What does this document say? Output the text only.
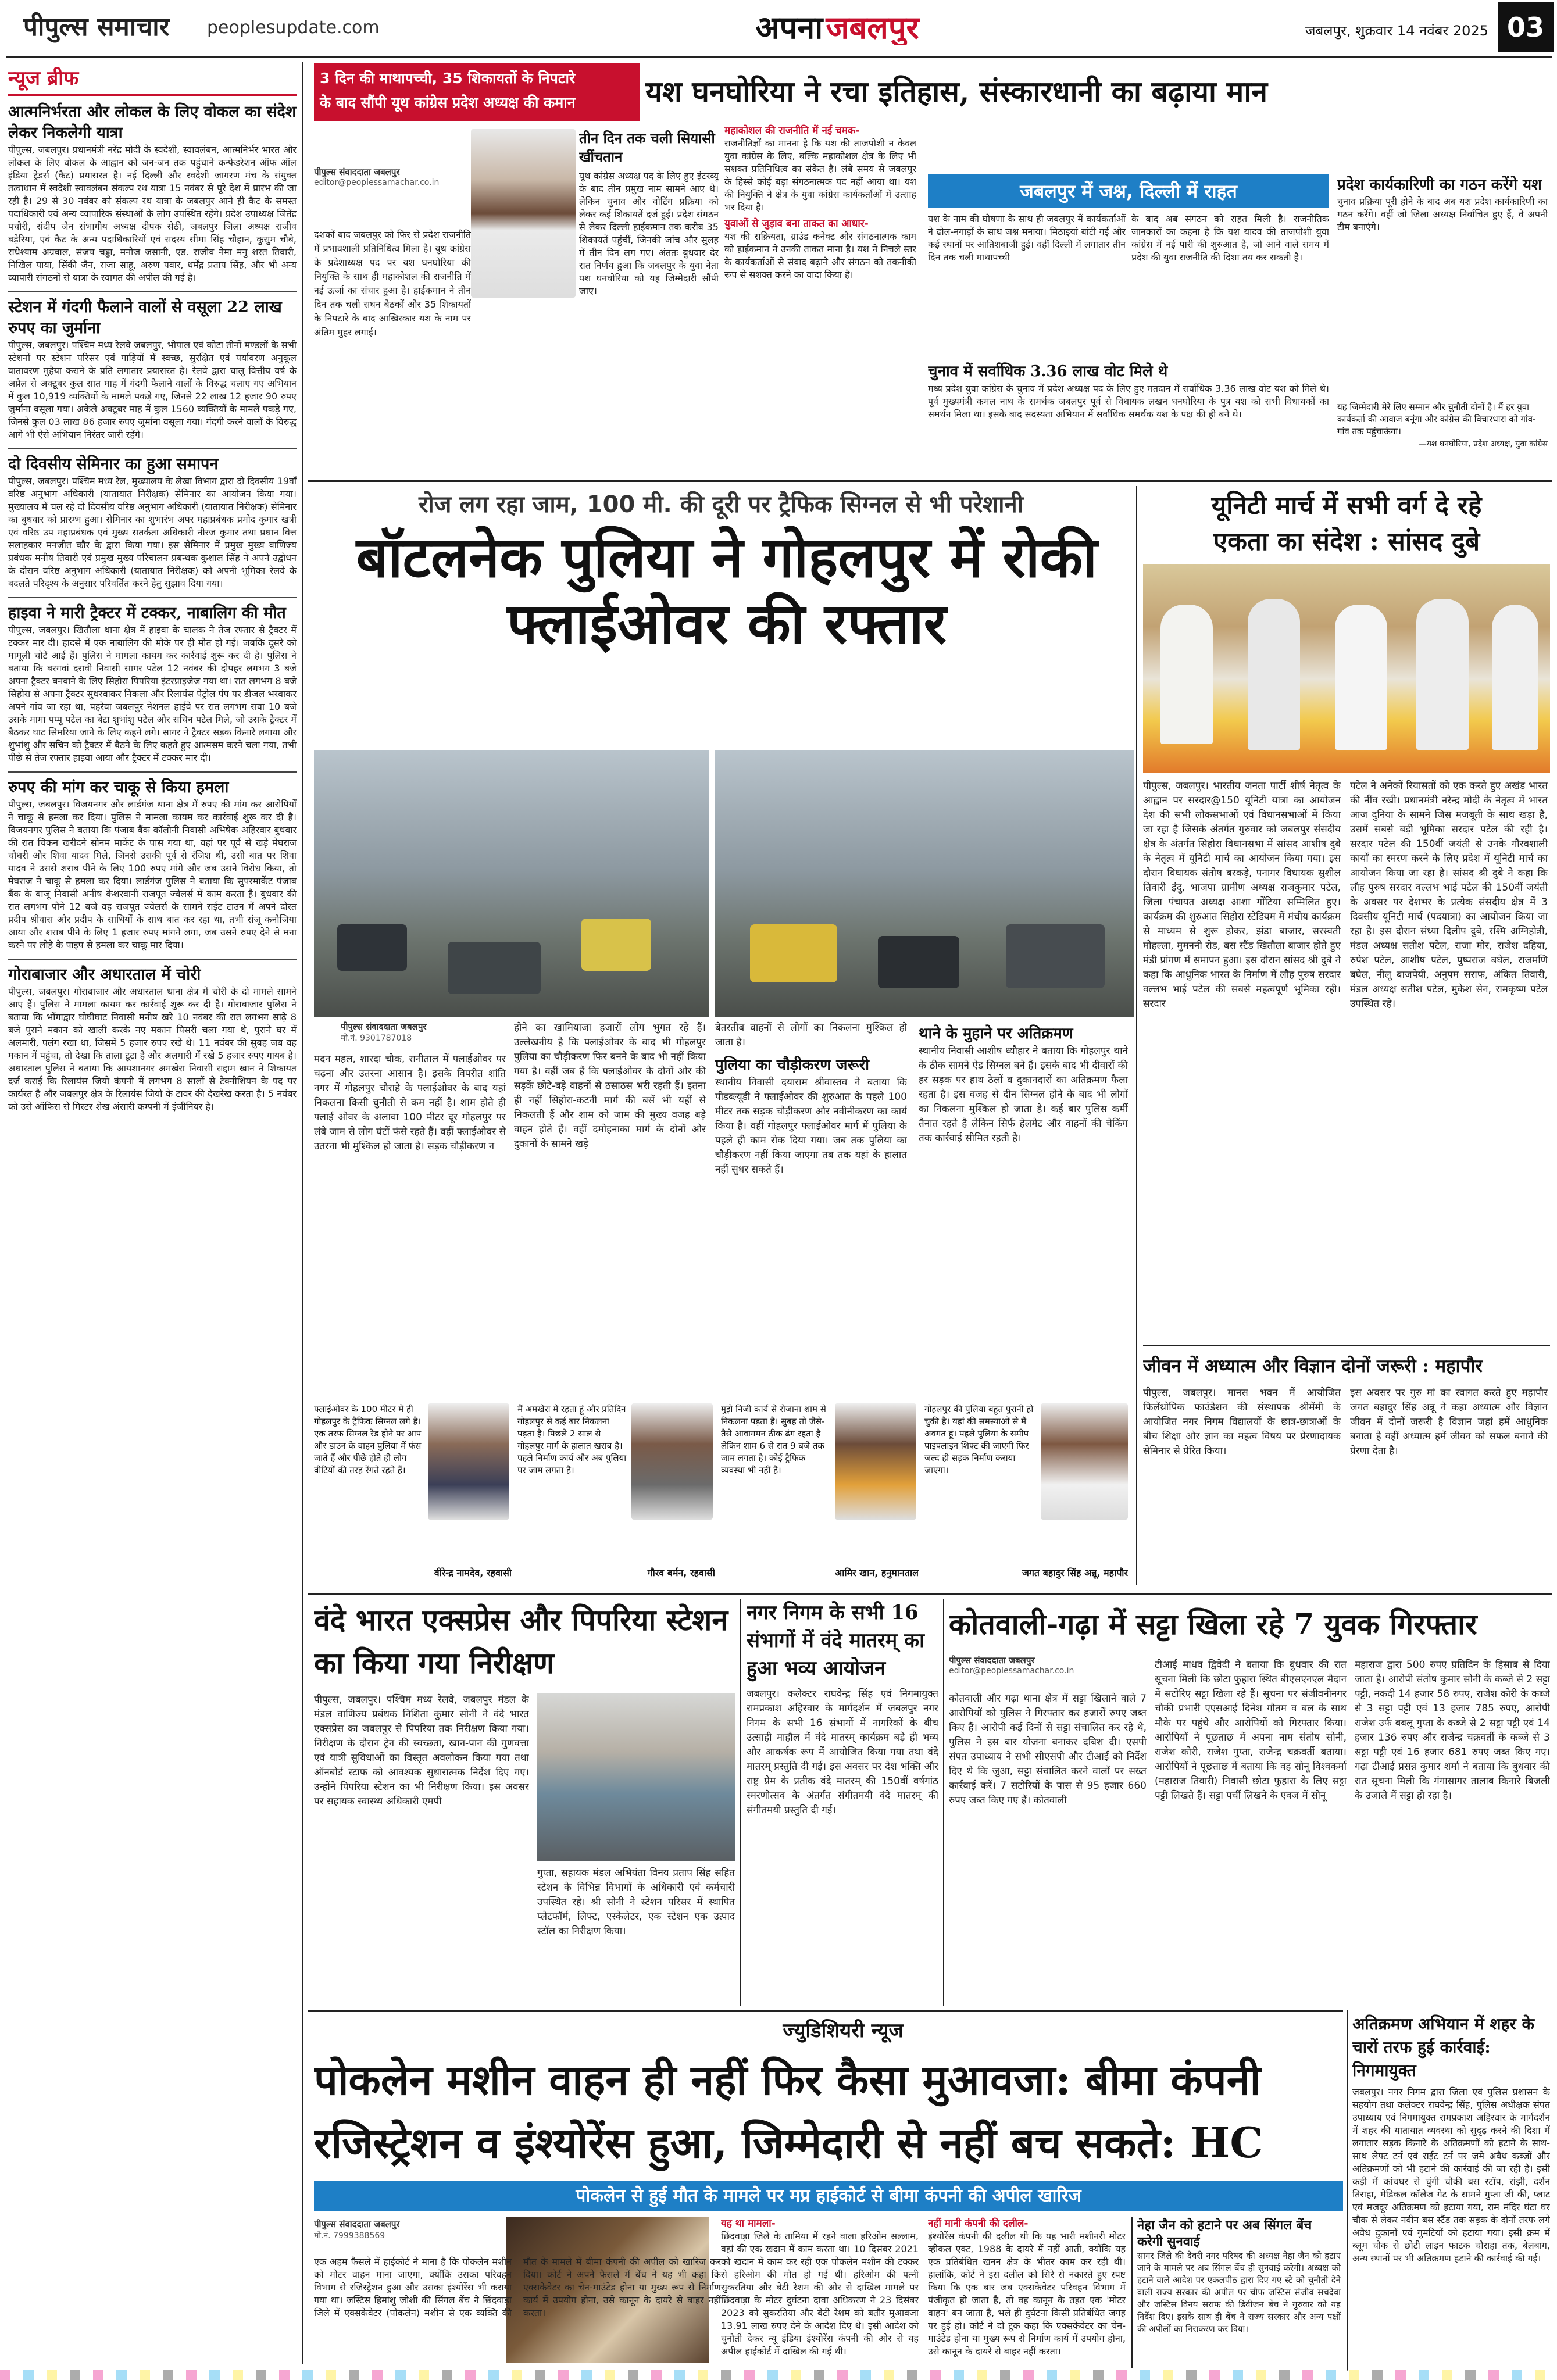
पीपुल्स समाचार	peoplesupdate.com	अपना जबलपुर	जबलपुर, शुक्रवार 14 नवंबर 2025 03
न्यूज ब्रीफ
आत्मनिर्भरता और लोकल के लिए वोकल का संदेश लेकर निकलेगी यात्रा
पीपुल्स, जबलपुर। प्रधानमंत्री नरेंद्र मोदी के स्वदेशी, स्वावलंबन, आत्मनिर्भर भारत और लोकल के लिए वोकल के आह्वान को जन-जन तक पहुंचाने कन्फेडरेशन ऑफ ऑल इंडिया ट्रेडर्स (कैट) प्रयासरत है। नई दिल्ली और स्वदेशी जागरण मंच के संयुक्त तत्वाधान में स्वदेशी स्वावलंबन संकल्प रथ यात्रा 15 नवंबर से पूरे देश में प्रारंभ की जा रही है। 29 से 30 नवंबर को संकल्प रथ यात्रा के जबलपुर आने ही कैट के समस्त पदाधिकारी एवं अन्य व्यापारिक संस्थाओं के लोग उपस्थित रहेंगे। प्रदेश उपाध्यक्ष जितेंद्र पचौरी, संदीप जैन संभागीय अध्यक्ष दीपक सेठी, जबलपुर जिला अध्यक्ष राजीव बड़ेरिया, एवं कैट के अन्य पदाधिकारियों एवं सदस्य सीमा सिंह चौहान, कुसुम चौबे, राधेश्याम अग्रवाल, संजय चड्ढा, मनोज जसानी, एड. राजीव नेमा मनु शरत तिवारी, निखिल पाया, सिंकी जैन, राजा साहू, अरुण पवार, धर्मेंद्र प्रताप सिंह, और भी अन्य व्यापारी संगठनों से यात्रा के स्वागत की अपील की गई है।
स्टेशन में गंदगी फैलाने वालों से वसूला 22 लाख रुपए का जुर्माना
पीपुल्स, जबलपुर। पश्चिम मध्य रेलवे जबलपुर, भोपाल एवं कोटा तीनों मण्डलों के सभी स्टेशनों पर स्टेशन परिसर एवं गाड़ियों में स्वच्छ, सुरक्षित एवं पर्यावरण अनुकूल वातावरण मुहैया कराने के प्रति लगातार प्रयासरत है। रेलवे द्वारा चालू वित्तीय वर्ष के अप्रैल से अक्टूबर कुल सात माह में गंदगी फैलाने वालों के विरुद्ध चलाए गए अभियान में कुल 10,919 व्यक्तियों के मामले पकड़े गए, जिनसे 22 लाख 12 हजार 90 रुपए जुर्माना वसूला गया। अकेले अक्टूबर माह में कुल 1560 व्यक्तियों के मामले पकड़े गए, जिनसे कुल 03 लाख 86 हजार रुपए जुर्माना वसूला गया। गंदगी करने वालों के विरुद्ध आगे भी ऐसे अभियान निरंतर जारी रहेंगे।
दो दिवसीय सेमिनार का हुआ समापन
पीपुल्स, जबलपुर। पश्चिम मध्य रेल, मुख्यालय के लेखा विभाग द्वारा दो दिवसीय 19वाँ वरिष्ठ अनुभाग अधिकारी (यातायात निरीक्षक) सेमिनार का आयोजन किया गया। मुख्यालय में चल रहे दो दिवसीय वरिष्ठ अनुभाग अधिकारी (यातायात निरीक्षक) सेमिनार का बुधवार को प्रारम्भ हुआ। सेमिनार का शुभारंभ अपर महाप्रबंधक प्रमोद कुमार खत्री एवं वरिष्ठ उप महाप्रबंधक एवं मुख्य सतर्कता अधिकारी नीरज कुमार तथा प्रधान वित्त सलाहकार मनजीत कौर के द्वारा किया गया। इस सेमिनार में प्रमुख मुख्य वाणिज्य प्रबंधक मनीष तिवारी एवं प्रमुख मुख्य परिचालन प्रबन्धक कुशाल सिंह ने अपने उद्बोधन के दौरान वरिष्ठ अनुभाग अधिकारी (यातायात निरीक्षक) को अपनी भूमिका रेलवे के बदलते परिदृश्य के अनुसार परिवर्तित करने हेतु सुझाव दिया गया।
हाइवा ने मारी ट्रैक्टर में टक्कर, नाबालिग की मौत
पीपुल्स, जबलपुर। खितौला थाना क्षेत्र में हाइवा के चालक ने तेज रफ्तार से ट्रैक्टर में टक्कर मार दी। हादसे में एक नाबालिग की मौके पर ही मौत हो गई। जबकि दूसरे को मामूली चोटें आई हैं। पुलिस ने मामला कायम कर कार्रवाई शुरू कर दी है। पुलिस ने बताया कि बरगवां दरावी निवासी सागर पटेल 12 नवंबर की दोपहर लगभग 3 बजे अपना ट्रैक्टर बनवाने के लिए सिहोरा पिपरिया इंटरप्राइजेज गया था। रात लगभग 8 बजे सिहोरा से अपना ट्रैक्टर सुधरवाकर निकला और रिलायंस पेट्रोल पंप पर डीजल भरवाकर अपने गांव जा रहा था, पहरेवा जबलपुर नेशनल हाईवे पर रात लगभग सवा 10 बजे उसके मामा पप्पू पटेल का बेटा शुभांशु पटेल और सचिन पटेल मिले, जो उसके ट्रैक्टर में बैठकर घाट सिमरिया जाने के लिए कहने लगे। सागर ने ट्रैक्टर सड़क किनारे लगाया और शुभांशु और सचिन को ट्रैक्टर में बैठने के लिए कहते हुए आत्मसम करने चला गया, तभी पीछे से तेज रफ्तार हाइवा आया और ट्रैक्टर में टक्कर मार दी।
रुपए की मांग कर चाकू से किया हमला
पीपुल्स, जबलपुर। विजयनगर और लार्डगंज थाना क्षेत्र में रुपए की मांग कर आरोपियों ने चाकू से हमला कर दिया। पुलिस ने मामला कायम कर कार्रवाई शुरू कर दी है। विजयनगर पुलिस ने बताया कि पंजाब बैंक कॉलोनी निवासी अभिषेक अहिरवार बुधवार की रात चिकन खरीदने सोनम मार्केट के पास गया था, वहां पर पूर्व से खड़े मेघराज चौधरी और शिवा यादव मिले, जिनसे उसकी पूर्व से रंजिश थी, उसी बात पर शिवा यादव ने उससे शराब पीने के लिए 100 रुपए मांगे और जब उसने विरोध किया, तो मेघराज ने चाकू से हमला कर दिया। लार्डगंज पुलिस ने बताया कि सुपरमार्केट पंजाब बैंक के बाजू निवासी अनीष केशरवानी राजपूत ज्वेलर्स में काम करता है। बुधवार की रात लगभग पौने 12 बजे वह राजपूत ज्वेलर्स के सामने राईट टाउन में अपने दोस्त प्रदीप श्रीवास और प्रदीप के साथियों के साथ बात कर रहा था, तभी संजू कनौजिया आया और शराब पीने के लिए 1 हजार रुपए मांगने लगा, जब उसने रुपए देने से मना करने पर लोहे के पाइप से हमला कर चाकू मार दिया।
गोराबाजार और अधारताल में चोरी
पीपुल्स, जबलपुर। गोराबाजार और अधारताल थाना क्षेत्र में चोरी के दो मामले सामने आए हैं। पुलिस ने मामला कायम कर कार्रवाई शुरू कर दी है। गोराबाजार पुलिस ने बताया कि भोंगाद्वार घोघीघाट निवासी मनीष खरे 10 नवंबर की रात लगभग साढ़े 8 बजे पुराने मकान को खाली करके नए मकान पिसरी चला गया थे, पुराने घर में अलमारी, पलंग रखा था, जिसमें 5 हजार रुपए रखे थे। 11 नवंबर की सुबह जब वह मकान में पहुंचा, तो देखा कि ताला टूटा है और अलमारी में रखे 5 हजार रुपए गायब है। अधारताल पुलिस ने बताया कि आयशानगर अमखेरा निवासी सद्दाम खान ने शिकायत दर्ज कराई कि रिलायंस जियो कंपनी में लगभग 8 सालों से टेक्नीशियन के पद पर कार्यरत है और जबलपुर क्षेत्र के रिलायंस जियो के टावर की देखरेख करता है। 5 नवंबर को उसे ऑफिस से मिस्टर शेख अंसारी कम्पनी में इंजीनियर है।
3 दिन की माथापच्ची, 35 शिकायतों के निपटारे
के बाद सौंपी यूथ कांग्रेस प्रदेश अध्यक्ष की कमान	यश घनघोरिया ने रचा इतिहास, संस्कारधानी का बढ़ाया मान
पीपुल्स संवाददाता जबलपुर
editor@peoplessamachar.co.in
दशकों बाद जबलपुर को फिर से प्रदेश राजनीति में प्रभावशाली प्रतिनिधित्व मिला है। यूथ कांग्रेस के प्रदेशाध्यक्ष पद पर यश घनघोरिया की नियुक्ति के साथ ही महाकोशल की राजनीति में नई ऊर्जा का संचार हुआ है। हाईकमान ने तीन दिन तक चली सघन बैठकों और 35 शिकायतों के निपटारे के बाद आखिरकार यश के नाम पर अंतिम मुहर लगाई।
तीन दिन तक चली सियासी खींचतान
यूथ कांग्रेस अध्यक्ष पद के लिए हुए इंटरव्यू के बाद तीन प्रमुख नाम सामने आए थे। लेकिन चुनाव और वोटिंग प्रक्रिया को लेकर कई शिकायतें दर्ज हुईं। प्रदेश संगठन से लेकर दिल्ली हाईकमान तक करीब 35 शिकायतें पहुंचीं, जिनकी जांच और सुलह में तीन दिन लग गए। अंततः बुधवार देर रात निर्णय हुआ कि जबलपुर के युवा नेता यश घनघोरिया को यह जिम्मेदारी सौंपी जाए।
महाकोशल की राजनीति में नई चमक-
राजनीतिज्ञों का मानना है कि यश की ताजपोशी न केवल युवा कांग्रेस के लिए, बल्कि महाकोशल क्षेत्र के लिए भी सशक्त प्रतिनिधित्व का संकेत है। लंबे समय से जबलपुर के हिस्से कोई बड़ा संगठनात्मक पद नहीं आया था। यश की नियुक्ति ने क्षेत्र के युवा कांग्रेस कार्यकर्ताओं में उत्साह भर दिया है।
युवाओं से जुड़ाव बना ताकत का आधार-
यश की सक्रियता, ग्राउंड कनेक्ट और संगठनात्मक काम को हाईकमान ने उनकी ताकत माना है। यश ने निचले स्तर के कार्यकर्ताओं से संवाद बढ़ाने और संगठन को तकनीकी रूप से सशक्त करने का वादा किया है।
जबलपुर में जश्न, दिल्ली में राहत
यश के नाम की घोषणा के साथ ही जबलपुर में कार्यकर्ताओं ने ढोल-नगाड़ों के साथ जश्न मनाया। मिठाइयां बांटी गईं और कई स्थानों पर आतिशबाजी हुई। वहीं दिल्ली में लगातार तीन दिन तक चली माथापच्ची
के बाद अब संगठन को राहत मिली है। राजनीतिक जानकारों का कहना है कि यश यादव की ताजपोशी युवा कांग्रेस में नई पारी की शुरुआत है, जो आने वाले समय में प्रदेश की युवा राजनीति की दिशा तय कर सकती है।
चुनाव में सर्वाधिक 3.36 लाख वोट मिले थे
मध्य प्रदेश युवा कांग्रेस के चुनाव में प्रदेश अध्यक्ष पद के लिए हुए मतदान में सर्वाधिक 3.36 लाख वोट यश को मिले थे। पूर्व मुख्यमंत्री कमल नाथ के समर्थक जबलपुर पूर्व से विधायक लखन घनघोरिया के पुत्र यश को सभी विधायकों का समर्थन मिला था। इसके बाद सदस्यता अभियान में सर्वाधिक समर्थक यश के पक्ष की ही बने थे।
प्रदेश कार्यकारिणी का गठन करेंगे यश
चुनाव प्रक्रिया पूरी होने के बाद अब यश प्रदेश कार्यकारिणी का गठन करेंगे। वहीं जो जिला अध्यक्ष निर्वाचित हुए हैं, वे अपनी टीम बनाएंगे।
यह जिम्मेदारी मेरे लिए सम्मान और चुनौती दोनों है। मैं हर युवा कार्यकर्ता की आवाज बनूंगा और कांग्रेस की विचारधारा को गांव-गांव तक पहुंचाऊंगा।
—यश घनघोरिया, प्रदेश अध्यक्ष, युवा कांग्रेस
रोज लग रहा जाम, 100 मी. की दूरी पर ट्रैफिक सिग्नल से भी परेशानी
बॉटलनेक पुलिया ने गोहलपुर में रोकी फ्लाईओवर की रफ्तार
पीपुल्स संवाददाता जबलपुर
मो.नं. 9301787018
मदन महल, शारदा चौक, रानीताल में फ्लाईओवर पर चढ़ना और उतरना आसान है। इसके विपरीत शांति नगर में गोहलपुर चौराहे के फ्लाईओवर के बाद यहां निकलना किसी चुनौती से कम नहीं है। शाम होते ही फ्लाई ओवर के अलावा 100 मीटर दूर गोहलपुर पर लंबे जाम से लोग घंटों फंसे रहते हैं। वहीं फ्लाईओवर से उतरना भी मुश्किल हो जाता है। सड़क चौड़ीकरण न
होने का खामियाजा हजारों लोग भुगत रहे हैं। उल्लेखनीय है कि फ्लाईओवर के बाद भी गोहलपुर पुलिया का चौड़ीकरण फिर बनने के बाद भी नहीं किया गया है। वहीं जब हैं कि फ्लाईओवर के दोनों ओर की सड़कें छोटे-बड़े वाहनों से ठसाठस भरी रहती हैं। इतना ही नहीं सिहोरा-कटनी मार्ग की बसें भी यहीं से निकलती हैं और शाम को जाम की मुख्य वजह बड़े वाहन होते हैं। वहीं दमोहनाका मार्ग के दोनों ओर दुकानों के सामने खड़े
बेतरतीब वाहनों से लोगों का निकलना मुश्किल हो जाता है।
पुलिया का चौड़ीकरण जरूरी
स्थानीय निवासी दयाराम श्रीवास्तव ने बताया कि पीडब्ल्यूडी ने फ्लाईओवर की शुरुआत के पहले 100 मीटर तक सड़क चौड़ीकरण और नवीनीकरण का कार्य किया है। वहीं गोहलपुर फ्लाईओवर मार्ग में पुलिया के पहले ही काम रोक दिया गया। जब तक पुलिया का चौड़ीकरण नहीं किया जाएगा तब तक यहां के हालात नहीं सुधर सकते हैं।
थाने के मुहाने पर अतिक्रमण
स्थानीय निवासी आशीष ध्यौहार ने बताया कि गोहलपुर थाने के ठीक सामने ऐड सिग्नल बने हैं। इसके बाद भी दीवारों की हर सड़क पर हाथ ठेलों व दुकानदारों का अतिक्रमण फैला रहता है। इस वजह से दीन सिग्नल होने के बाद भी लोगों का निकलना मुश्किल हो जाता है। कई बार पुलिस कर्मी तैनात रहते है लेकिन सिर्फ हेलमेट और वाहनों की चेकिंग तक कार्रवाई सीमित रहती है।
फ्लाईओवर के 100 मीटर में ही गोहलपुर के ट्रैफिक सिग्नल लगे है। एक तरफ सिग्नल रेड होने पर आप और डाउन के वाहन पुलिया में फंस जाते हैं और पीछे होते ही लोग वीटियों की तरह रेंगते रहते हैं।
वीरेन्द्र नामदेव, रहवासी
मैं अमखेरा में रहता हूं और प्रतिदिन गोहलपुर से कई बार निकलना पड़ता है। पिछले 2 साल से गोहलपुर मार्ग के हालात खराब है। पहले निर्माण कार्य और अब पुलिया पर जाम लगता है।
गौरव बर्मन, रहवासी
मुझे निजी कार्य से रोजाना शाम से निकलना पड़ता है। सुबह तो जैसे-तैसे आवागमन ठीक ढंग रहता है लेकिन शाम 6 से रात 9 बजे तक जाम लगता है। कोई ट्रैफिक व्यवस्था भी नहीं है।
आमिर खान, हनुमानताल
गोहलपुर की पुलिया बहुत पुरानी हो चुकी है। यहां की समस्याओं से मैं अवगत हूं। पहले पुलिया के समीप पाइपलाइन शिफ्ट की जाएगी फिर जल्द ही सड़क निर्माण कराया जाएगा।
जगत बहादुर सिंह अन्नू, महापौर
यूनिटी मार्च में सभी वर्ग दे रहे
एकता का संदेश : सांसद दुबे
पीपुल्स, जबलपुर। भारतीय जनता पार्टी शीर्ष नेतृत्व के आह्वान पर सरदार@150 यूनिटी यात्रा का आयोजन देश की सभी लोकसभाओं एवं विधानसभाओं में किया जा रहा है जिसके अंतर्गत गुरुवार को जबलपुर संसदीय क्षेत्र के अंतर्गत सिहोरा विधानसभा में सांसद आशीष दुबे के नेतृत्व में यूनिटी मार्च का आयोजन किया गया। इस दौरान विधायक संतोष बरकड़े, पनागर विधायक सुशील तिवारी इंदु, भाजपा ग्रामीण अध्यक्ष राजकुमार पटेल, जिला पंचायत अध्यक्ष आशा गोंटिया सम्मिलित हुए। कार्यक्रम की शुरुआत सिहोरा स्टेडियम में मंचीय कार्यक्रम से माध्यम से शुरू होकर, झंडा बाजार, सरस्वती मोहल्ला, मुमननी रोड, बस स्टैंड खितौला बाजार होते हुए मंडी प्रांगण में समापन हुआ। इस दौरान सांसद श्री दुबे ने कहा कि आधुनिक भारत के निर्माण में लौह पुरुष सरदार वल्लभ भाई पटेल की सबसे महत्वपूर्ण भूमिका रही। सरदार
पटेल ने अनेकों रियासतों को एक करते हुए अखंड भारत की नींव रखी। प्रधानमंत्री नरेन्द्र मोदी के नेतृत्व में भारत आज दुनिया के सामने जिस मजबूती के साथ खड़ा है, उसमें सबसे बड़ी भूमिका सरदार पटेल की रही है। सरदार पटेल की 150वीं जयंती से उनके गौरवशाली कार्यों का स्मरण करने के लिए प्रदेश में यूनिटी मार्च का आयोजन किया जा रहा है। सांसद श्री दुबे ने कहा कि लौह पुरुष सरदार वल्लभ भाई पटेल की 150वीं जयंती के अवसर पर देशभर के प्रत्येक संसदीय क्षेत्र में 3 दिवसीय यूनिटी मार्च (पदयात्रा) का आयोजन किया जा रहा है। इस दौरान संध्या दिलीप दुबे, रश्मि अग्निहोत्री, मंडल अध्यक्ष सतीश पटेल, राजा मोर, राजेश दहिया, रुपेश पटेल, आशीष पटेल, पुष्पराज बघेल, राजमणि बघेल, नीलू बाजपेयी, अनुपम सराफ, अंकित तिवारी, मंडल अध्यक्ष सतीश पटेल, मुकेश सेन, रामकृष्ण पटेल उपस्थित रहे।
जीवन में अध्यात्म और विज्ञान दोनों जरूरी : महापौर
पीपुल्स, जबलपुर। मानस भवन में आयोजित फिलेंथ्रोपिक फाउंडेशन की संस्थापक श्रीमेंमी के आयोजित नगर निगम विद्यालयों के छात्र-छात्राओं के बीच शिक्षा और ज्ञान का महत्व विषय पर प्रेरणादायक सेमिनार से प्रेरित किया।
इस अवसर पर गुरु मां का स्वागत करते हुए महापौर जगत बहादुर सिंह अन्नू ने कहा अध्यात्म और विज्ञान जीवन में दोनों जरूरी है विज्ञान जहां हमें आधुनिक बनाता है वहीं अध्यात्म हमें जीवन को सफल बनाने की प्रेरणा देता है।
वंदे भारत एक्सप्रेस और पिपरिया स्टेशन का किया गया निरीक्षण
पीपुल्स, जबलपुर। पश्चिम मध्य रेलवे, जबलपुर मंडल के मंडल वाणिज्य प्रबंधक निशिता कुमार सोनी ने वंदे भारत एक्सप्रेस का जबलपुर से पिपरिया तक निरीक्षण किया गया। निरीक्षण के दौरान ट्रेन की स्वच्छता, खान-पान की गुणवत्ता एवं यात्री सुविधाओं का विस्तृत अवलोकन किया गया तथा ऑनबोर्ड स्टाफ को आवश्यक सुधारात्मक निर्देश दिए गए। उन्होंने पिपरिया स्टेशन का भी निरीक्षण किया। इस अवसर पर सहायक स्वास्थ्य अधिकारी एमपी
गुप्ता, सहायक मंडल अभियंता विनय प्रताप सिंह सहित स्टेशन के विभिन्न विभागों के अधिकारी एवं कर्मचारी उपस्थित रहे। श्री सोनी ने स्टेशन परिसर में स्थापित प्लेटफॉर्म, लिफ्ट, एस्केलेटर, एक स्टेशन एक उत्पाद स्टॉल का निरीक्षण किया।
नगर निगम के सभी 16 संभागों में वंदे मातरम् का हुआ भव्य आयोजन
जबलपुर। कलेक्टर राघवेन्द्र सिंह एवं निगमायुक्त रामप्रकाश अहिरवार के मार्गदर्शन में जबलपुर नगर निगम के सभी 16 संभागों में नागरिकों के बीच उत्साही माहौल में वंदे मातरम् कार्यक्रम बड़े ही भव्य और आकर्षक रूप में आयोजित किया गया तथा वंदे मातरम् प्रस्तुति दी गई। इस अवसर पर देश भक्ति और राष्ट्र प्रेम के प्रतीक वंदे मातरम् की 150वीं वर्षगांठ स्मरणोत्सव के अंतर्गत संगीतमयी वंदे मातरम् की संगीतमयी प्रस्तुति दी गई।
कोतवाली-गढ़ा में सट्टा खिला रहे 7 युवक गिरफ्तार
पीपुल्स संवाददाता जबलपुर
editor@peoplessamachar.co.in
कोतवाली और गढ़ा थाना क्षेत्र में सट्टा खिलाने वाले 7 आरोपियों को पुलिस ने गिरफ्तार कर हजारों रुपए जब्त किए हैं। आरोपी कई दिनों से सट्टा संचालित कर रहे थे, पुलिस ने इस बार योजना बनाकर दबिश दी। एसपी संपत उपाध्याय ने सभी सीएसपी और टीआई को निर्देश दिए थे कि जुआ, सट्टा संचालित करने वालों पर सख्त कार्रवाई करें। 7 सटोरियों के पास से 95 हजार 660 रुपए जब्त किए गए हैं। कोतवाली
टीआई माधव द्विवेदी ने बताया कि बुधवार की रात सूचना मिली कि छोटा फुहारा स्थित बीएसएनएल मैदान में सटोरिए सट्टा खिला रहे हैं। सूचना पर संजीवनीनगर चौकी प्रभारी एएसआई दिनेश गौतम व बल के साथ मौके पर पहुंचे और आरोपियों को गिरफ्तार किया। आरोपियों ने पूछताछ में अपना नाम संतोष सोनी, राजेश कोरी, राजेश गुप्ता, राजेन्द्र चक्रवर्ती बताया। आरोपियों ने पूछताछ में बताया कि वह सोनू विश्वकर्मा (महाराज तिवारी) निवासी छोटा फुहारा के लिए सट्टा पट्टी लिखते हैं। सट्टा पर्ची लिखने के एवज में सोनू
महाराज द्वारा 500 रुपए प्रतिदिन के हिसाब से दिया जाता है। आरोपी संतोष कुमार सोनी के कब्जे से 2 सट्टा पट्टी, नकदी 14 हजार 58 रुपए, राजेश कोरी के कब्जे से 3 सट्टा पट्टी एवं 13 हजार 785 रुपए, आरोपी राजेश उर्फ बबलू गुप्ता के कब्जे से 2 सट्टा पट्टी एवं 14 हजार 136 रुपए और राजेन्द्र चक्रवर्ती के कब्जे से 3 सट्टा पट्टी एवं 16 हजार 681 रुपए जब्त किए गए। गढ़ा टीआई प्रसन्न कुमार शर्मा ने बताया कि बुधवार की रात सूचना मिली कि गंगासागर तालाब किनारे बिजली के उजाले में सट्टा हो रहा है।
ज्युडिशियरी न्यूज
पोकलेन मशीन वाहन ही नहीं फिर कैसा मुआवजा: बीमा कंपनी रजिस्ट्रेशन व इंश्योरेंस हुआ, जिम्मेदारी से नहीं बच सकते: HC
पोकलेन से हुई मौत के मामले पर मप्र हाईकोर्ट से बीमा कंपनी की अपील खारिज
पीपुल्स संवाददाता जबलपुर
मो.नं. 7999388569
एक अहम फैसले में हाईकोर्ट ने माना है कि पोकलेन मशीन को मोटर वाहन माना जाएगा, क्योंकि उसका परिवहन विभाग से रजिस्ट्रेशन हुआ और उसका इंश्योरेंस भी कराया गया था। जस्टिस हिमांशु जोशी की सिंगल बेंच ने छिंदवाड़ा जिले में एक्सकेवेटर (पोकलेन) मशीन से एक व्यक्ति की मौत के मामले में बीमा कंपनी की अपील को खारिज कर दिया। कोर्ट ने अपने फैसले में बेंच ने यह भी कहा कि एक्सकेवेटर का चेन-माउंटेड होना या मुख्य रूप से निर्माण कार्य में उपयोग होना, उसे कानून के दायरे से बाहर नहीं करता।
यह था मामला-
छिंदवाड़ा जिले के तामिया में रहने वाला हरिओम सल्लाम, वहां की एक खदान में काम करता था। 10 दिसंबर 2021 को खदान में काम कर रही एक पोकलेन मशीन की टक्कर से हरिओम की मौत हो गई थी। हरिओम की पत्नी सुकरतिया और बेटी रेशम की ओर से दाखिल मामले पर छिंदवाड़ा के मोटर दुर्घटना दावा अधिकरण ने 23 दिसंबर 2023 को सुकरतिया और बेटी रेशम को बतौर मुआवजा 13.91 लाख रुपए देने के आदेश दिए थे। इसी आदेश को चुनौती देकर न्यू इंडिया इंश्योरेंस कंपनी की ओर से यह अपील हाईकोर्ट में दाखिल की गई थी।
नहीं मानी कंपनी की दलील-
इंश्योरेंस कंपनी की दलील थी कि यह भारी मशीनरी मोटर व्हीकल एक्ट, 1988 के दायरे में नहीं आती, क्योंकि यह एक प्रतिबंधित खनन क्षेत्र के भीतर काम कर रही थी। हालांकि, कोर्ट ने इस दलील को सिरे से नकारते हुए स्पष्ट किया कि एक बार जब एक्सकेवेटर परिवहन विभाग में पंजीकृत हो जाता है, तो वह कानून के तहत एक 'मोटर वाहन' बन जाता है, भले ही दुर्घटना किसी प्रतिबंधित जगह पर हुई हो। कोर्ट ने दो टूक कहा कि एक्सकेवेटर का चेन-माउंटेड होना या मुख्य रूप से निर्माण कार्य में उपयोग होना, उसे कानून के दायरे से बाहर नहीं करता।
नेहा जैन को हटाने पर अब सिंगल बेंच करेगी सुनवाई
सागर जिले की देवरी नगर परिषद की अध्यक्ष नेहा जैन को हटाए जाने के मामले पर अब सिंगल बेंच ही सुनवाई करेगी। अध्यक्ष को हटाने वाले आदेश पर एकलपीठ द्वारा दिए गए स्टे को चुनौती देने वाली राज्य सरकार की अपील पर चीफ जस्टिस संजीव सचदेवा और जस्टिस विनय सराफ की डिवीजन बेंच ने गुरुवार को यह निर्देश दिए। इसके साथ ही बेंच ने राज्य सरकार और अन्य पक्षों की अपीलों का निराकरण कर दिया।
अतिक्रमण अभियान में शहर के चारों तरफ हुई कार्रवाई: निगमायुक्त
जबलपुर। नगर निगम द्वारा जिला एवं पुलिस प्रशासन के सहयोग तथा कलेक्टर राघवेन्द्र सिंह, पुलिस अधीक्षक संपत उपाध्याय एवं निगमायुक्त रामप्रकाश अहिरवार के मार्गदर्शन में शहर की यातायात व्यवस्था को सुदृढ़ करने की दिशा में लगातार सड़क किनारे के अतिक्रमणों को हटाने के साथ-साथ लेफ्ट टर्न एवं राईट टर्न पर जमे अवैध कब्जों और अतिक्रमणों को भी हटाने की कार्रवाई की जा रही है। इसी कड़ी में कांचघर से चुंगी चौकी बस स्टॉप, रांझी, दर्शन तिराहा, मेडिकल कॉलेज गेट के सामने गुप्ता जी की, प्लाट एवं मजदूर अतिक्रमण को हटाया गया, राम मंदिर घंटा घर चौक से लेकर नवीन बस स्टैंड तक सड़क के दोनों तरफ लगे अवैध दुकानों एवं गुमटियों को हटाया गया। इसी क्रम में ब्लूम चौक से छोटी लाइन फाटक चौराहा तक, बेलबाग, अन्य स्थानों पर भी अतिक्रमण हटाने की कार्रवाई की गई।
